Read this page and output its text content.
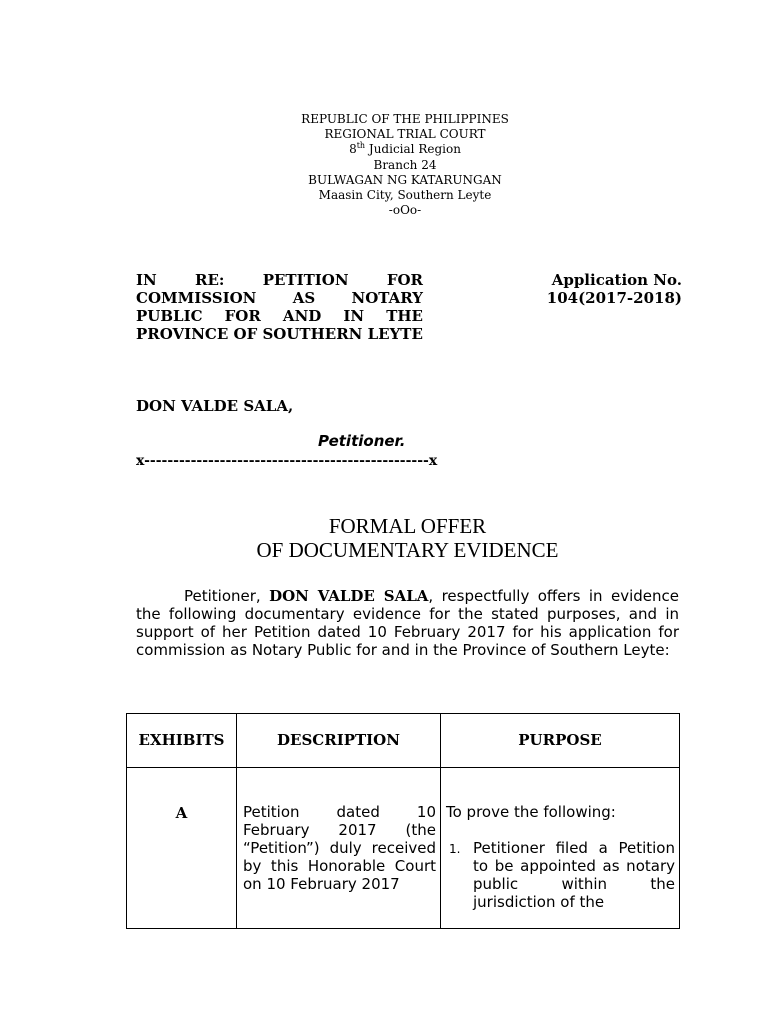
REPUBLIC OF THE PHILIPPINES
REGIONAL TRIAL COURT
8th Judicial Region
Branch 24
BULWAGAN NG KATARUNGAN
Maasin City, Southern Leyte
-oOo-
IN RE: PETITION FOR COMMISSION AS NOTARY PUBLIC FOR AND IN THE PROVINCE OF SOUTHERN LEYTE
Application No.
104(2017-2018)
DON VALDE SALA,
Petitioner.
x-------------------------------------------------x
FORMAL OFFER
OF DOCUMENTARY EVIDENCE
Petitioner, DON VALDE SALA, respectfully offers in evidence the following documentary evidence for the stated purposes, and in support of her Petition dated 10 February 2017 for his application for commission as Notary Public for and in the Province of Southern Leyte:
EXHIBITS	DESCRIPTION	PURPOSE
A	Petition dated 10 February 2017 (the “Petition”) duly received by this Honorable Court on 10 February 2017	To prove the following:
1. Petitioner filed a Petition to be appointed as notary public within the jurisdiction of the
